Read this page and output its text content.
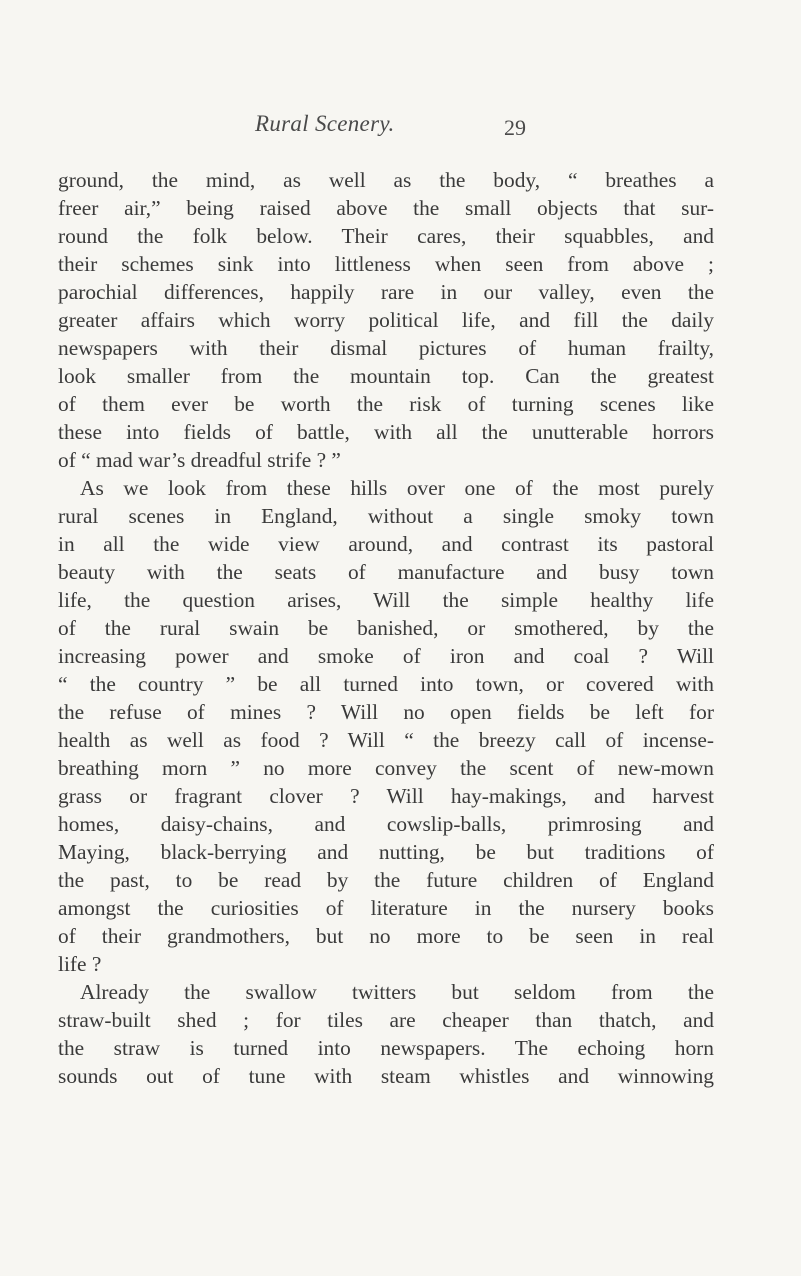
Rural Scenery.	29
ground, the mind, as well as the body, “ breathes a
freer air,” being raised above the small objects that sur-
round the folk below. Their cares, their squabbles, and
their schemes sink into littleness when seen from above ;
parochial differences, happily rare in our valley, even the
greater affairs which worry political life, and fill the daily
newspapers with their dismal pictures of human frailty,
look smaller from the mountain top. Can the greatest
of them ever be worth the risk of turning scenes like
these into fields of battle, with all the unutterable horrors
of “ mad war’s dreadful strife ? ”
As we look from these hills over one of the most purely
rural scenes in England, without a single smoky town
in all the wide view around, and contrast its pastoral
beauty with the seats of manufacture and busy town
life, the question arises, Will the simple healthy life
of the rural swain be banished, or smothered, by the
increasing power and smoke of iron and coal ? Will
“ the country ” be all turned into town, or covered with
the refuse of mines ? Will no open fields be left for
health as well as food ? Will “ the breezy call of incense-
breathing morn ” no more convey the scent of new-mown
grass or fragrant clover ? Will hay-makings, and harvest
homes, daisy-chains, and cowslip-balls, primrosing and
Maying, black-berrying and nutting, be but traditions of
the past, to be read by the future children of England
amongst the curiosities of literature in the nursery books
of their grandmothers, but no more to be seen in real
life ?
Already the swallow twitters but seldom from the
straw-built shed ; for tiles are cheaper than thatch, and
the straw is turned into newspapers. The echoing horn
sounds out of tune with steam whistles and winnowing
